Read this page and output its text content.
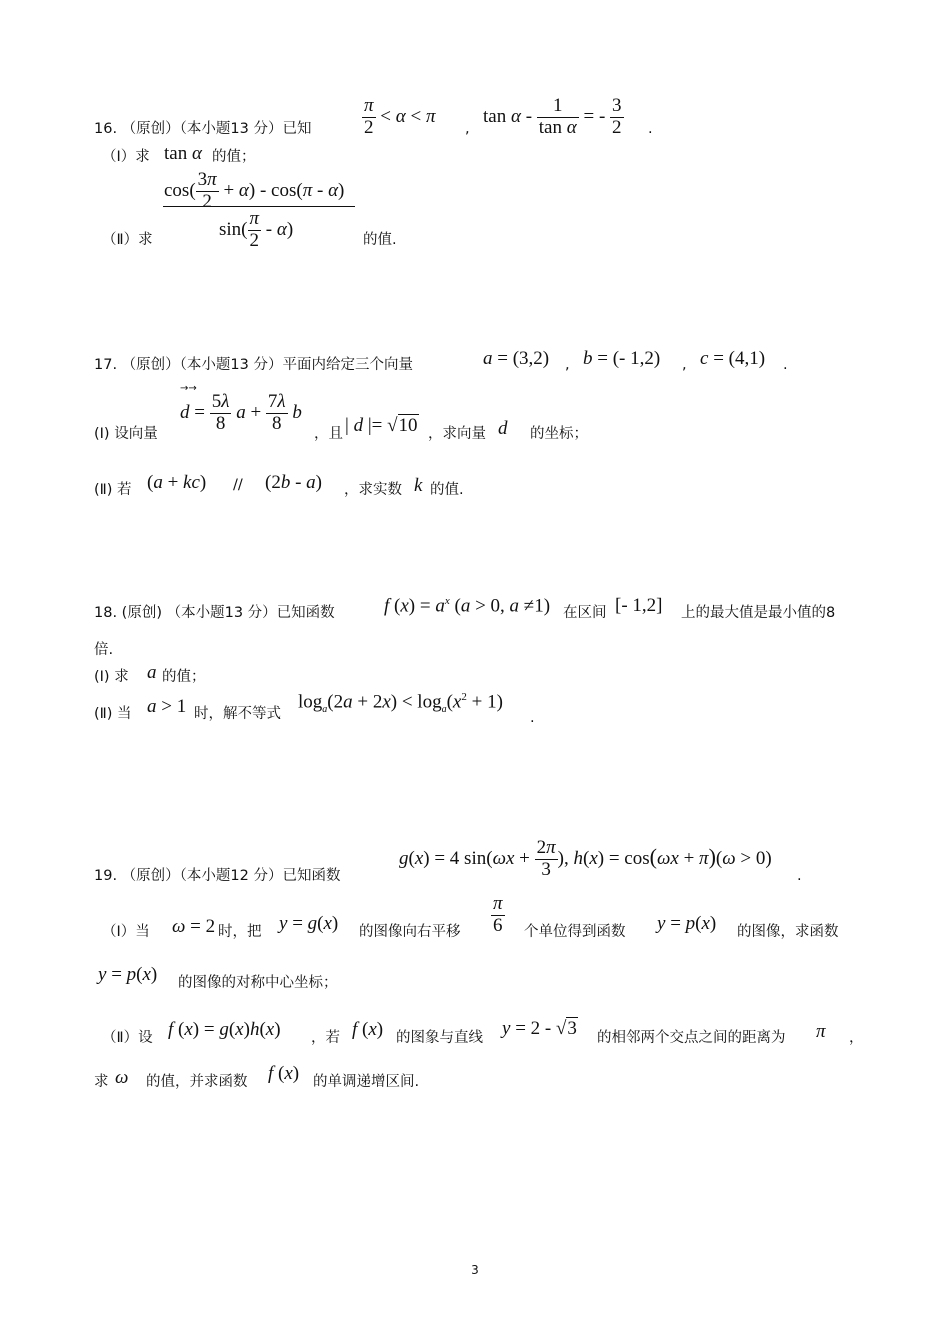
16. （原创）（本小题13 分）已知	$\frac{\pi}{2} < \alpha < \pi$
,
tan α - $\frac{1}{\text{tan α}}$ = - $\frac{3}{2}$ .
（Ⅰ）求 tan α 的值；
$\cos( \frac{3\pi}{2} + \alpha) - \cos(\pi - \alpha)$
$\sin( \frac{\pi}{2} - \alpha)$
（Ⅱ）求	的值.
17. （原创）（本小题13 分）平面内给定三个向量	a = (3,2) , b = (- 1,2) , c = (4,1) .
(Ⅰ) 设向量
→→
$d = \frac{5\lambda}{8}$ $a + \frac{7\lambda}{8}$ b
，且 | d |= √10 ，求向量 d 的坐标；
(Ⅱ) 若 (a + kc) // (2b - a) ，求实数 k 的值.
18. (原创) （本小题13 分）已知函数	f $(x) = a^x$ (a > 0, a ≠1) 在区间 [- 1,2] 上的最大值是最小值的8
倍.
(Ⅰ) 求 a 的值；
(Ⅱ) 当 a > 1 时，解不等式
$\log_a(2a + 2x) < \log_a(x^2 + 1)$
.
19. （原创）（本小题12 分）已知函数
g(x) = 4 $\sin(\omega x + \frac{2\pi}{3}$ ), h(x) = cos(ωx + π)(ω > 0)
.
（Ⅰ）当 ω = 2 时，把 y = g(x) 的图像向右平移 $\frac{\pi}{6}$ 个单位得到函数 y = p(x) 的图像，求函数
y = p(x) 的图像的对称中心坐标；
（Ⅱ）设 f (x) = g(x)h(x) ，若 f (x) 的图象与直线 y = 2 - √3 的相邻两个交点之间的距离为 π ，
求 ω 的值，并求函数 f (x) 的单调递增区间.
3
